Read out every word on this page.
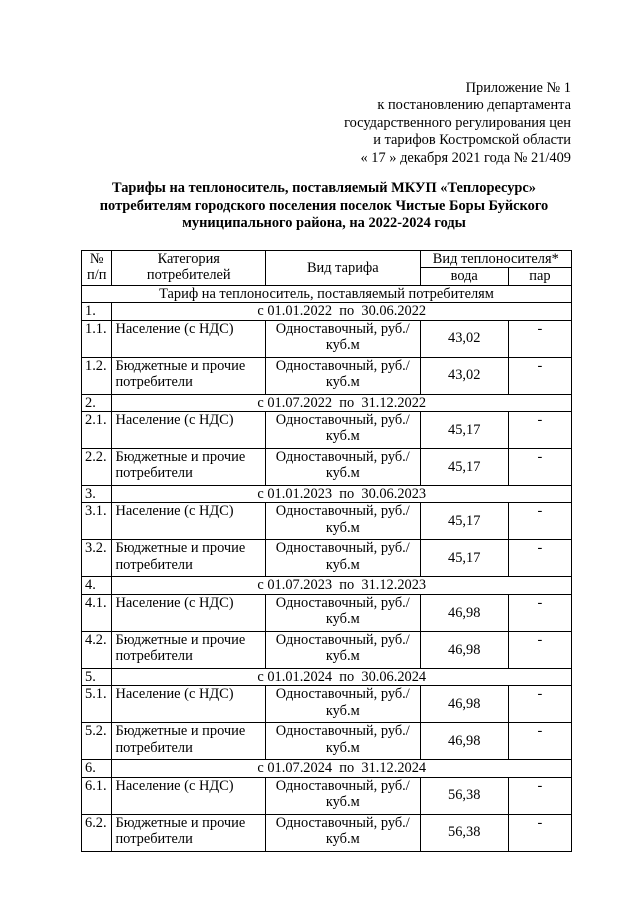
Приложение № 1
к постановлению департамента
государственного регулирования цен
и тарифов Костромской области
« 17 » декабря 2021 года № 21/409
Тарифы на теплоноситель, поставляемый МКУП «Теплоресурс»
потребителям городского поселения поселок Чистые Боры Буйского
муниципального района, на 2022-2024 годы
№ п/п	Категория потребителей	Вид тарифа	Вид теплоносителя*	
			вода	пар
Тариф на теплоноситель, поставляемый потребителям				
1.	с 01.01.2022  по  30.06.2022			
1.1.	Население (с НДС)	Одноставочный, руб./куб.м	43,02	-
1.2.	Бюджетные и прочие потребители	Одноставочный, руб./куб.м	43,02	-
2.	с 01.07.2022  по  31.12.2022			
2.1.	Население (с НДС)	Одноставочный, руб./куб.м	45,17	-
2.2.	Бюджетные и прочие потребители	Одноставочный, руб./куб.м	45,17	-
3.	с 01.01.2023  по  30.06.2023			
3.1.	Население (с НДС)	Одноставочный, руб./куб.м	45,17	-
3.2.	Бюджетные и прочие потребители	Одноставочный, руб./куб.м	45,17	-
4.	с 01.07.2023  по  31.12.2023			
4.1.	Население (с НДС)	Одноставочный, руб./куб.м	46,98	-
4.2.	Бюджетные и прочие потребители	Одноставочный, руб./куб.м	46,98	-
5.	с 01.01.2024  по  30.06.2024			
5.1.	Население (с НДС)	Одноставочный, руб./куб.м	46,98	-
5.2.	Бюджетные и прочие потребители	Одноставочный, руб./куб.м	46,98	-
6.	с 01.07.2024  по  31.12.2024			
6.1.	Население (с НДС)	Одноставочный, руб./куб.м	56,38	-
6.2.	Бюджетные и прочие потребители	Одноставочный, руб./куб.м	56,38	-
